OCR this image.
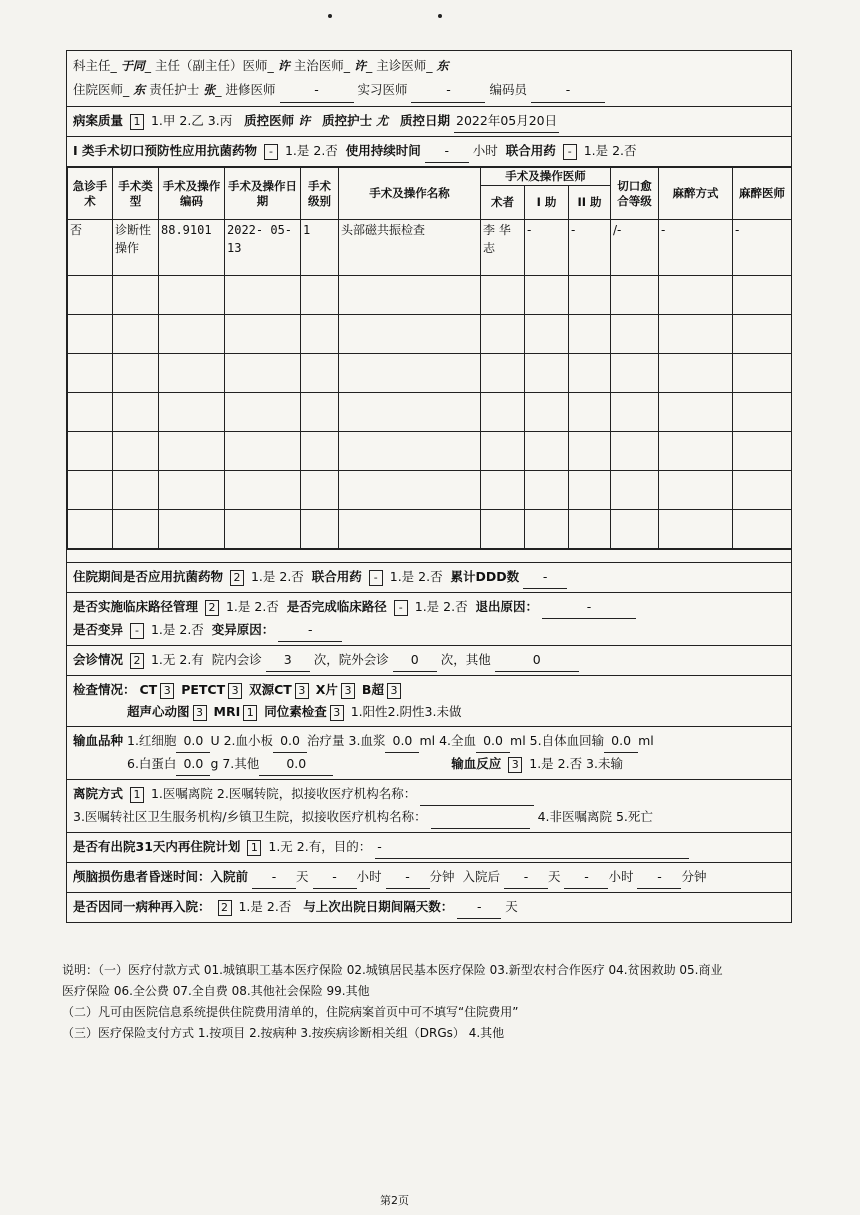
科主任_ 于同_ 主任（副主任）医师_ 许 主治医师_ 许_ 主诊医师_ 东
住院医师_ 东 责任护士 张_ 进修医师	-	实习医师	-	编码员	-
病案质量 1 1.甲 2.乙 3.丙 质控医师 许 质控护士 尤 质控日期 2022年05月20日
I 类手术切口预防性应用抗菌药物 - 1.是 2.否 使用持续时间 - 小时 联合用药 - 1.是 2.否
急诊手术	手术类型	手术及操作编码	手术及操作日期	手术级别	手术及操作名称	手术及操作医师			切口愈合等级	麻醉方式	麻醉医师
						术者	I 助	II 助			
否	诊断性操作	88.9101	2022- 05-13	1	头部磁共振检查	李 华志	-	-	/-	-	-

住院期间是否应用抗菌药物 2 1.是 2.否 联合用药 - 1.是 2.否 累计DDD数 -
是否实施临床路径管理 2 1.是 2.否 是否完成临床路径 - 1.是 2.否 退出原因：	-
是否变异 - 1.是 2.否 变异原因：	-
会诊情况 2 1.无 2.有 院内会诊 3 次，院外会诊 0 次，其他	0
检查情况： CT 3 PETCT 3 双源CT 3 X片 3 B超 3
超声心动图 3 MRI 1 同位素检查 3 1.阳性2.阴性3.未做
输血品种 1.红细胞 0.0 U 2.血小板 0.0 治疗量 3.血浆 0.0 ml 4.全血 0.0 ml 5.自体血回输 0.0 ml
6.白蛋白 0.0 g 7.其他 0.0	输血反应 3 1.是 2.否 3.未输
离院方式 1 1.医嘱离院 2.医嘱转院，拟接收医疗机构名称：
3.医嘱转社区卫生服务机构/乡镇卫生院，拟接收医疗机构名称：	4.非医嘱离院 5.死亡
是否有出院31天内再住院计划 1 1.无 2.有，目的： -
颅脑损伤患者昏迷时间：入院前 - 天 - 小时 - 分钟 入院后 - 天 - 小时 - 分钟
是否因同一病种再入院： 2 1.是 2.否 与上次出院日期间隔天数： - 天
说明：（一）医疗付款方式 01.城镇职工基本医疗保险 02.城镇居民基本医疗保险 03.新型农村合作医疗 04.贫困救助 05.商业
医疗保险 06.全公费 07.全自费 08.其他社会保险 99.其他
（二）凡可由医院信息系统提供住院费用清单的，住院病案首页中可不填写“住院费用”
（三）医疗保险支付方式 1.按项目 2.按病种 3.按疾病诊断相关组（DRGs） 4.其他
第2页
